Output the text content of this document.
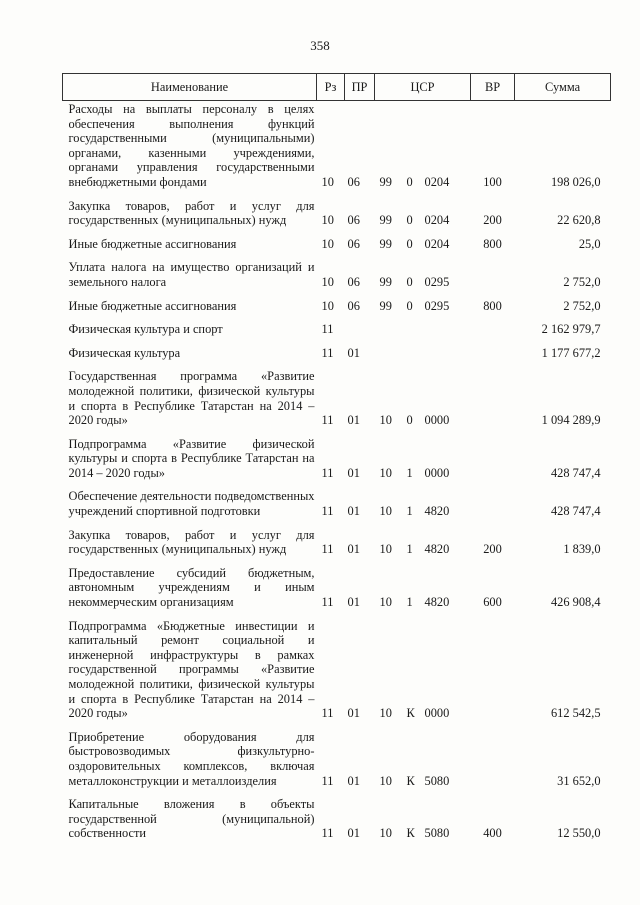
358
Наименование	Рз	ПР	ЦСР			ВР	Сумма
Расходы на выплаты персоналу в целях обеспечения выполнения функций государственными (муниципальными) органами, казенными учреждениями, органами управления государственными внебюджетными фондами	10	06	99	0	0204	100	198 026,0
Закупка товаров, работ и услуг для государственных (муниципальных) нужд	10	06	99	0	0204	200	22 620,8
Иные бюджетные ассигнования	10	06	99	0	0204	800	25,0
Уплата налога на имущество организаций и земельного налога	10	06	99	0	0295		2 752,0
Иные бюджетные ассигнования	10	06	99	0	0295	800	2 752,0
Физическая культура и спорт	11						2 162 979,7
Физическая культура	11	01					1 177 677,2
Государственная программа «Развитие молодежной политики, физической культуры и спорта в Республике Татарстан на 2014 – 2020 годы»	11	01	10	0	0000		1 094 289,9
Подпрограмма «Развитие физической культуры и спорта в Республике Татарстан на 2014 – 2020 годы»	11	01	10	1	0000		428 747,4
Обеспечение деятельности подведомственных учреждений спортивной подготовки	11	01	10	1	4820		428 747,4
Закупка товаров, работ и услуг для государственных (муниципальных) нужд	11	01	10	1	4820	200	1 839,0
Предоставление субсидий бюджетным, автономным учреждениям и иным некоммерческим организациям	11	01	10	1	4820	600	426 908,4
Подпрограмма «Бюджетные инвестиции и капитальный ремонт социальной и инженерной инфраструктуры в рамках государственной программы «Развитие молодежной политики, физической культуры и спорта в Республике Татарстан на 2014 – 2020 годы»	11	01	10	К	0000		612 542,5
Приобретение оборудования для быстровозводимых физкультурно-оздоровительных комплексов, включая металлоконструкции и металлоизделия	11	01	10	К	5080		31 652,0
Капитальные вложения в объекты государственной (муниципальной) собственности	11	01	10	К	5080	400	12 550,0
